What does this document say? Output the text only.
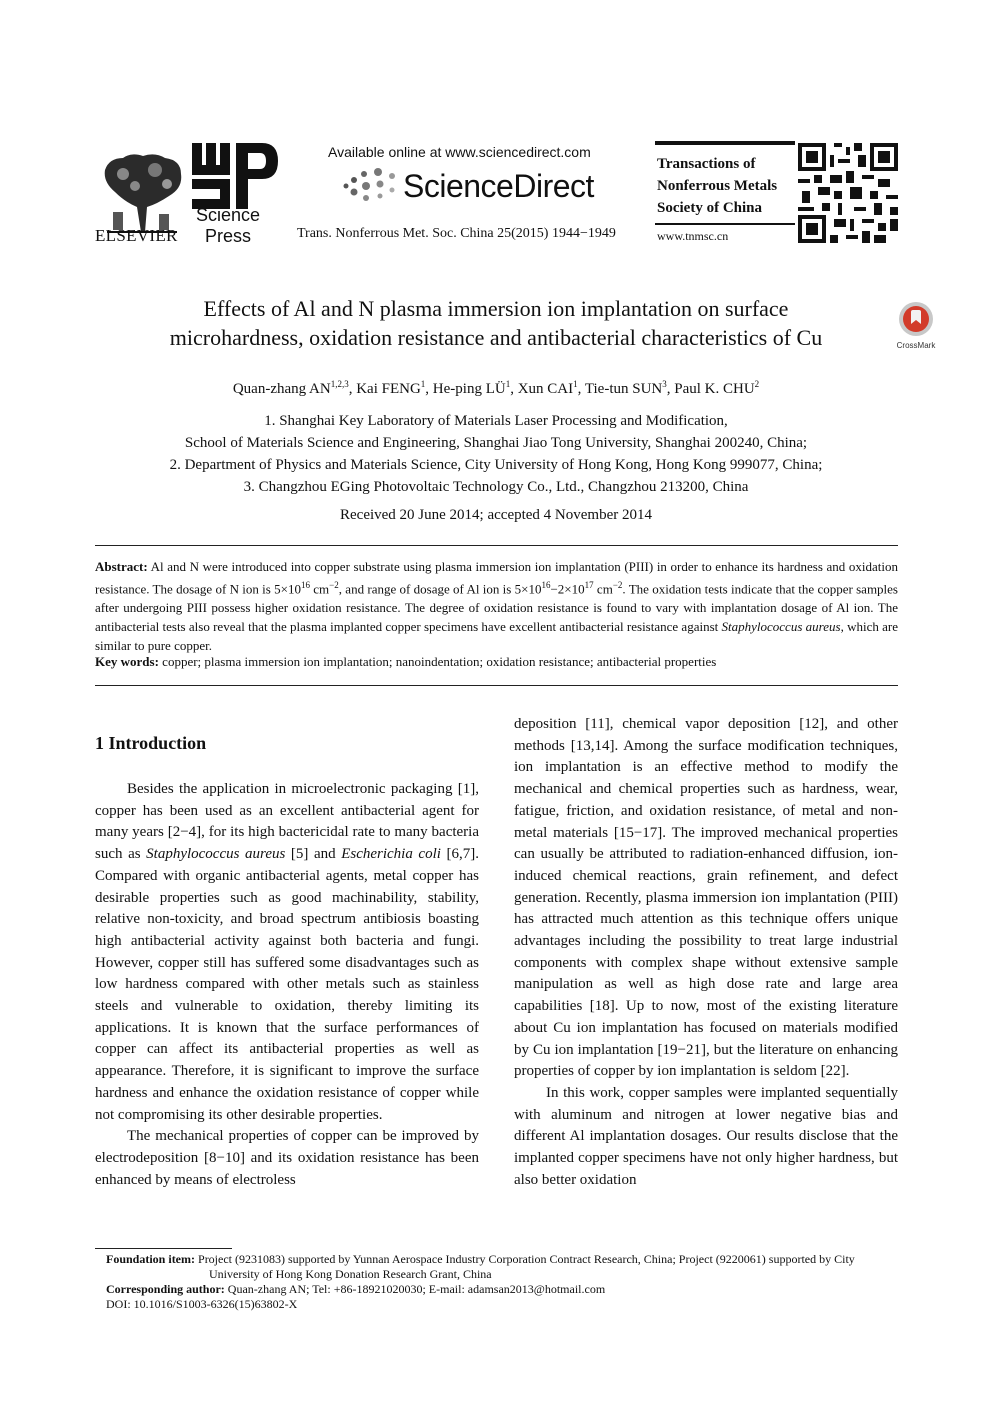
ELSEVIER
Science
Press
Available online at www.sciencedirect.com
ScienceDirect
Trans. Nonferrous Met. Soc. China 25(2015) 1944−1949
Transactions of
Nonferrous Metals
Society of China
www.tnmsc.cn
Effects of Al and N plasma immersion ion implantation on surface
microhardness, oxidation resistance and antibacterial characteristics of Cu	CrossMark
Quan-zhang AN$^{1,2,3}$, Kai FENG$^1$, He-ping $LÜ^1$, Xun CAI$^1$, Tie-tun SUN$^3$, Paul K. CHU$^2$
1. Shanghai Key Laboratory of Materials Laser Processing and Modification,
School of Materials Science and Engineering, Shanghai Jiao Tong University, Shanghai 200240, China;
2. Department of Physics and Materials Science, City University of Hong Kong, Hong Kong 999077, China;
3. Changzhou EGing Photovoltaic Technology Co., Ltd., Changzhou 213200, China
Received 20 June 2014; accepted 4 November 2014
Abstract: Al and N were introduced into copper substrate using plasma immersion ion implantation (PIII) in order to enhance its hardness and oxidation resistance. The dosage of N ion is $5\times 10^{16}$ $cm^{-2}$, and range of dosage of Al ion is $5\times 10^{16}-2\times 10^{17}$ $cm^{-2}$. The oxidation tests indicate that the copper samples after undergoing PIII possess higher oxidation resistance. The degree of oxidation resistance is found to vary with implantation dosage of Al ion. The antibacterial tests also reveal that the plasma implanted copper specimens have excellent antibacterial resistance against Staphylococcus aureus, which are similar to pure copper.
Key words: copper; plasma immersion ion implantation; nanoindentation; oxidation resistance; antibacterial properties
1 Introduction

Besides the application in microelectronic packaging [1], copper has been used as an excellent antibacterial agent for many years [2−4], for its high bactericidal rate to many bacteria such as Staphylococcus aureus [5] and Escherichia coli [6,7]. Compared with organic antibacterial agents, metal copper has desirable properties such as good machinability, stability, relative non-toxicity, and broad spectrum antibiosis boasting high antibacterial activity against both bacteria and fungi. However, copper still has suffered some disadvantages such as low hardness compared with other metals such as stainless steels and vulnerable to oxidation, thereby limiting its applications. It is known that the surface performances of copper can affect its antibacterial properties as well as appearance. Therefore, it is significant to improve the surface hardness and enhance the oxidation resistance of copper while not compromising its other desirable properties.

The mechanical properties of copper can be improved by electrodeposition [8−10] and its oxidation resistance has been enhanced by means of electroless

deposition [11], chemical vapor deposition [12], and other methods [13,14]. Among the surface modification techniques, ion implantation is an effective method to modify the mechanical and chemical properties such as hardness, wear, fatigue, friction, and oxidation resistance, of metal and non-metal materials [15−17]. The improved mechanical properties can usually be attributed to radiation-enhanced diffusion, ion-induced chemical reactions, grain refinement, and defect generation. Recently, plasma immersion ion implantation (PIII) has attracted much attention as this technique offers unique advantages including the possibility to treat large industrial components with complex shape without extensive sample manipulation as well as high dose rate and large area capabilities [18]. Up to now, most of the existing literature about Cu ion implantation has focused on materials modified by Cu ion implantation [19−21], but the literature on enhancing properties of copper by ion implantation is seldom [22].

In this work, copper samples were implanted sequentially with aluminum and nitrogen at lower negative bias and different Al implantation dosages. Our results disclose that the implanted copper specimens have not only higher hardness, but also better oxidation

Foundation item: Project (9231083) supported by Yunnan Aerospace Industry Corporation Contract Research, China; Project (9220061) supported by City
University of Hong Kong Donation Research Grant, China
Corresponding author: Quan-zhang AN; Tel: +86-18921020030; E-mail: adamsan2013@hotmail.com
DOI: 10.1016/S1003-6326(15)63802-X
